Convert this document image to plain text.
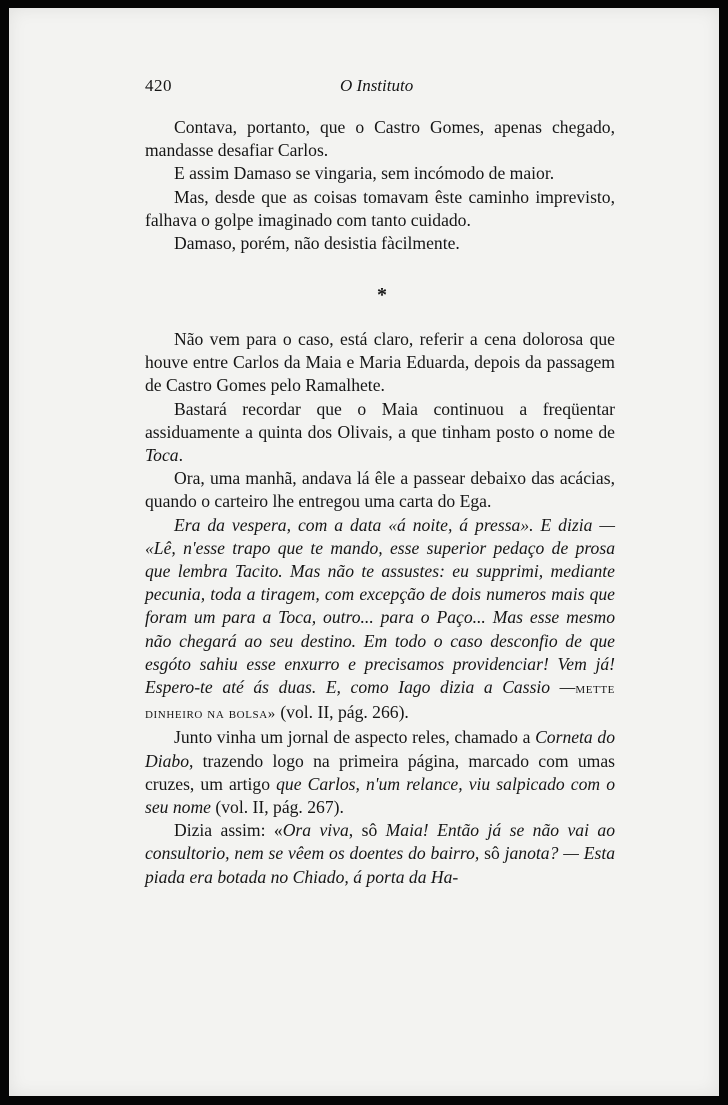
420	O Instituto

Contava, portanto, que o Castro Gomes, apenas chegado, mandasse desafiar Carlos.

E assim Damaso se vingaria, sem incómodo de maior.

Mas, desde que as coisas tomavam êste caminho imprevisto, falhava o golpe imaginado com tanto cuidado.

Damaso, porém, não desistia fàcilmente.

*

Não vem para o caso, está claro, referir a cena dolorosa que houve entre Carlos da Maia e Maria Eduarda, depois da passagem de Castro Gomes pelo Ramalhete.

Bastará recordar que o Maia continuou a freqüentar assiduamente a quinta dos Olivais, a que tinham posto o nome de Toca.

Ora, uma manhã, andava lá êle a passear debaixo das acácias, quando o carteiro lhe entregou uma carta do Ega.

Era da vespera, com a data «á noite, á pressa». E dizia — «Lê, n'esse trapo que te mando, esse superior pedaço de prosa que lembra Tacito. Mas não te assustes: eu supprimi, mediante pecunia, toda a tiragem, com excepção de dois numeros mais que foram um para a Toca, outro... para o Paço... Mas esse mesmo não chegará ao seu destino. Em todo o caso desconfio de que esgóto sahiu esse enxurro e precisamos providenciar! Vem já! Espero-te até ás duas. E, como Iago dizia a Cassio —mette dinheiro na bolsa» (vol. II, pág. 266).

Junto vinha um jornal de aspecto reles, chamado a Corneta do Diabo, trazendo logo na primeira página, marcado com umas cruzes, um artigo que Carlos, n'um relance, viu salpicado com o seu nome (vol. II, pág. 267).

Dizia assim: «Ora viva, sô Maia! Então já se não vai ao consultorio, nem se vêem os doentes do bairro, sô janota? — Esta piada era botada no Chiado, á porta da Ha-
